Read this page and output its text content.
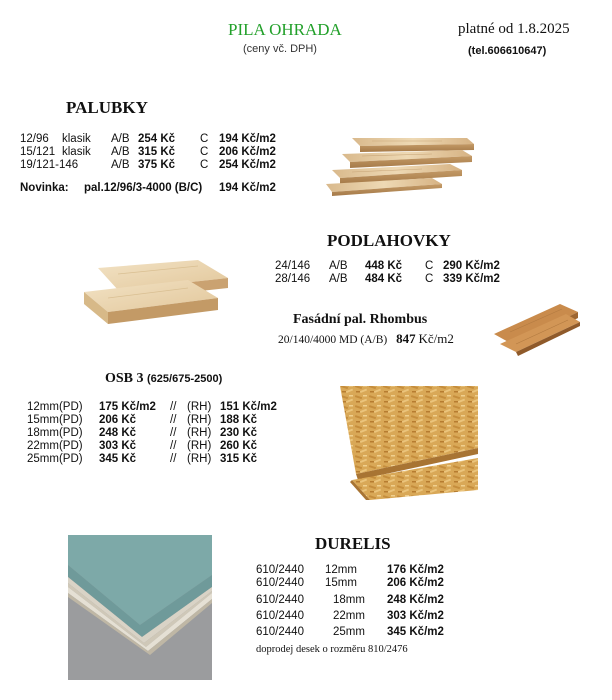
PILA OHRADA
(ceny vč. DPH)
platné od 1.8.2025
(tel.606610647)
PALUBKY
12/96 klasik A/B 254 Kč C 194 Kč/m2
15/121 klasik A/B 315 Kč C 206 Kč/m2
19/121-146	A/B 375 Kč C 254 Kč/m2
Novinka: pal.12/96/3-4000 (B/C) 194 Kč/m2
PODLAHOVKY
24/146 A/B 448 Kč C 290 Kč/m2
28/146 A/B 484 Kč C 339 Kč/m2
Fasádní pal. Rhombus
20/140/4000 MD (A/B) 847 Kč/m2
OSB 3 (625/675-2500)
12mm(PD) 175 Kč/m2 // (RH) 151 Kč/m2
15mm(PD) 206 Kč	// (RH) 188 Kč
18mm(PD) 248 Kč	// (RH) 230 Kč
22mm(PD) 303 Kč	// (RH) 260 Kč
25mm(PD) 345 Kč	// (RH) 315 Kč
DURELIS
610/2440 12mm	176 Kč/m2
610/2440 15mm	206 Kč/m2
610/2440	18mm 248 Kč/m2
610/2440	22mm 303 Kč/m2
610/2440	25mm 345 Kč/m2
doprodej desek o rozměru 810/2476
